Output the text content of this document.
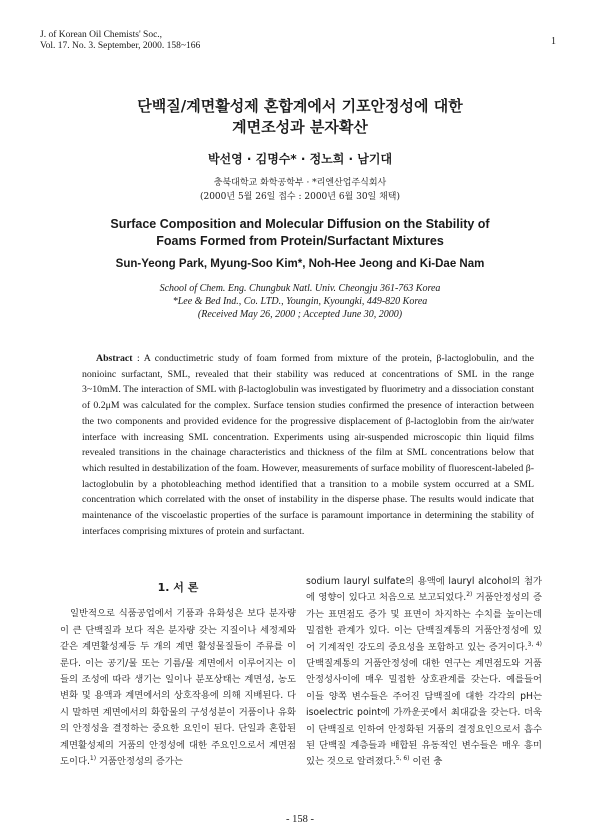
J. of Korean Oil Chemists' Soc.,
Vol. 17. No. 3. September, 2000. 158~166	1
단백질/계면활성제 혼합계에서 기포안정성에 대한
계면조성과 분자확산
박선영 · 김명수* · 정노희 · 남기대
충북대학교 화학공학부 · *리엔산업주식회사
(2000년 5월 26일 접수 : 2000년 6월 30일 채택)
Surface Composition and Molecular Diffusion on the Stability of
Foams Formed from Protein/Surfactant Mixtures
Sun-Yeong Park, Myung-Soo Kim*, Noh-Hee Jeong and Ki-Dae Nam
School of Chem. Eng. Chungbuk Natl. Univ. Cheongju 361-763 Korea
*Lee & Bed Ind., Co. LTD., Youngin, Kyoungki, 449-820 Korea
(Received May 26, 2000 ; Accepted June 30, 2000)
Abstract : A conductimetric study of foam formed from mixture of the protein, β-lactoglobulin, and the nonioinc surfactant, SML, revealed that their stability was reduced at concentrations of SML in the range 3~10mM. The interaction of SML with β-lactoglobulin was investigated by fluorimetry and a dissociation constant of 0.2μM was calculated for the complex. Surface tension studies confirmed the presence of interaction between the two components and provided evidence for the progressive displacement of β-lactoglobin from the air/water interface with increasing SML concentration. Experiments using air-suspended microscopic thin liquid films revealed transitions in the chainage characteristics and thickness of the film at SML concentrations below that which resulted in destabilization of the foam. However, measurements of surface mobility of fluorescent-labeled β-lactoglobulin by a photobleaching method identified that a transition to a mobile system occurred at a SML concentration which correlated with the onset of instability in the disperse phase. The results would indicate that maintenance of the viscoelastic properties of the surface is paramount importance in determining the stability of interfaces comprising mixtures of protein and surfactant.
1. 서 론

일반적으로 식품공업에서 기품과 유화성은 보다 분자량이 큰 단백질과 보다 적은 분자량 갖는 지질이나 세정제와 같은 계면활성제등 두 개의 계면 활성물질들이 주류를 이룬다. 이는 공기/물 또는 기름/물 계면에서 이루어지는 이들의 조성에 따라 생기는 일이나 분포상태는 계면성, 농도변화 및 용액과 계면에서의 상호작용에 의해 지배된다. 다시 말하면 계면에서의 화합물의 구성성분이 거품이나 유화의 안정성을 결정하는 중요한 요인이 된다. 단일과 혼합된 계면활성제의 거품의 안정성에 대한 주요인으로서 계면점도이다.$^{1)}$ 거품안정성의 증가는

sodium lauryl sulfate의 용액에 lauryl alcohol의 첨가에 영향이 있다고 처음으로 보고되었다.$^{2)}$ 거품안정성의 증가는 표면점도 증가 및 표면이 차지하는 수치를 높이는데 밀접한 관계가 있다. 이는 단백질계통의 거품안정성에 있어 기계적인 강도의 중요성을 포함하고 있는 증거이다.$^{3, 4)}$ 단백질계통의 거품안정성에 대한 연구는 계면점도와 거품안정성사이에 매우 밀접한 상호관계를 갖는다. 예를들어 이들 양쪽 변수들은 주어진 담백질에 대한 각각의 pH는 isoelectric point에 가까운곳에서 최대값을 갖는다. 더욱이 단백질로 인하여 안정화된 거품의 결정요인으로서 흡수된 단백질 계층들과 배합된 유동적인 변수들은 매우 흥미있는 것으로 알려졌다.$^{5, 6)}$ 이런 충

- 158 -
